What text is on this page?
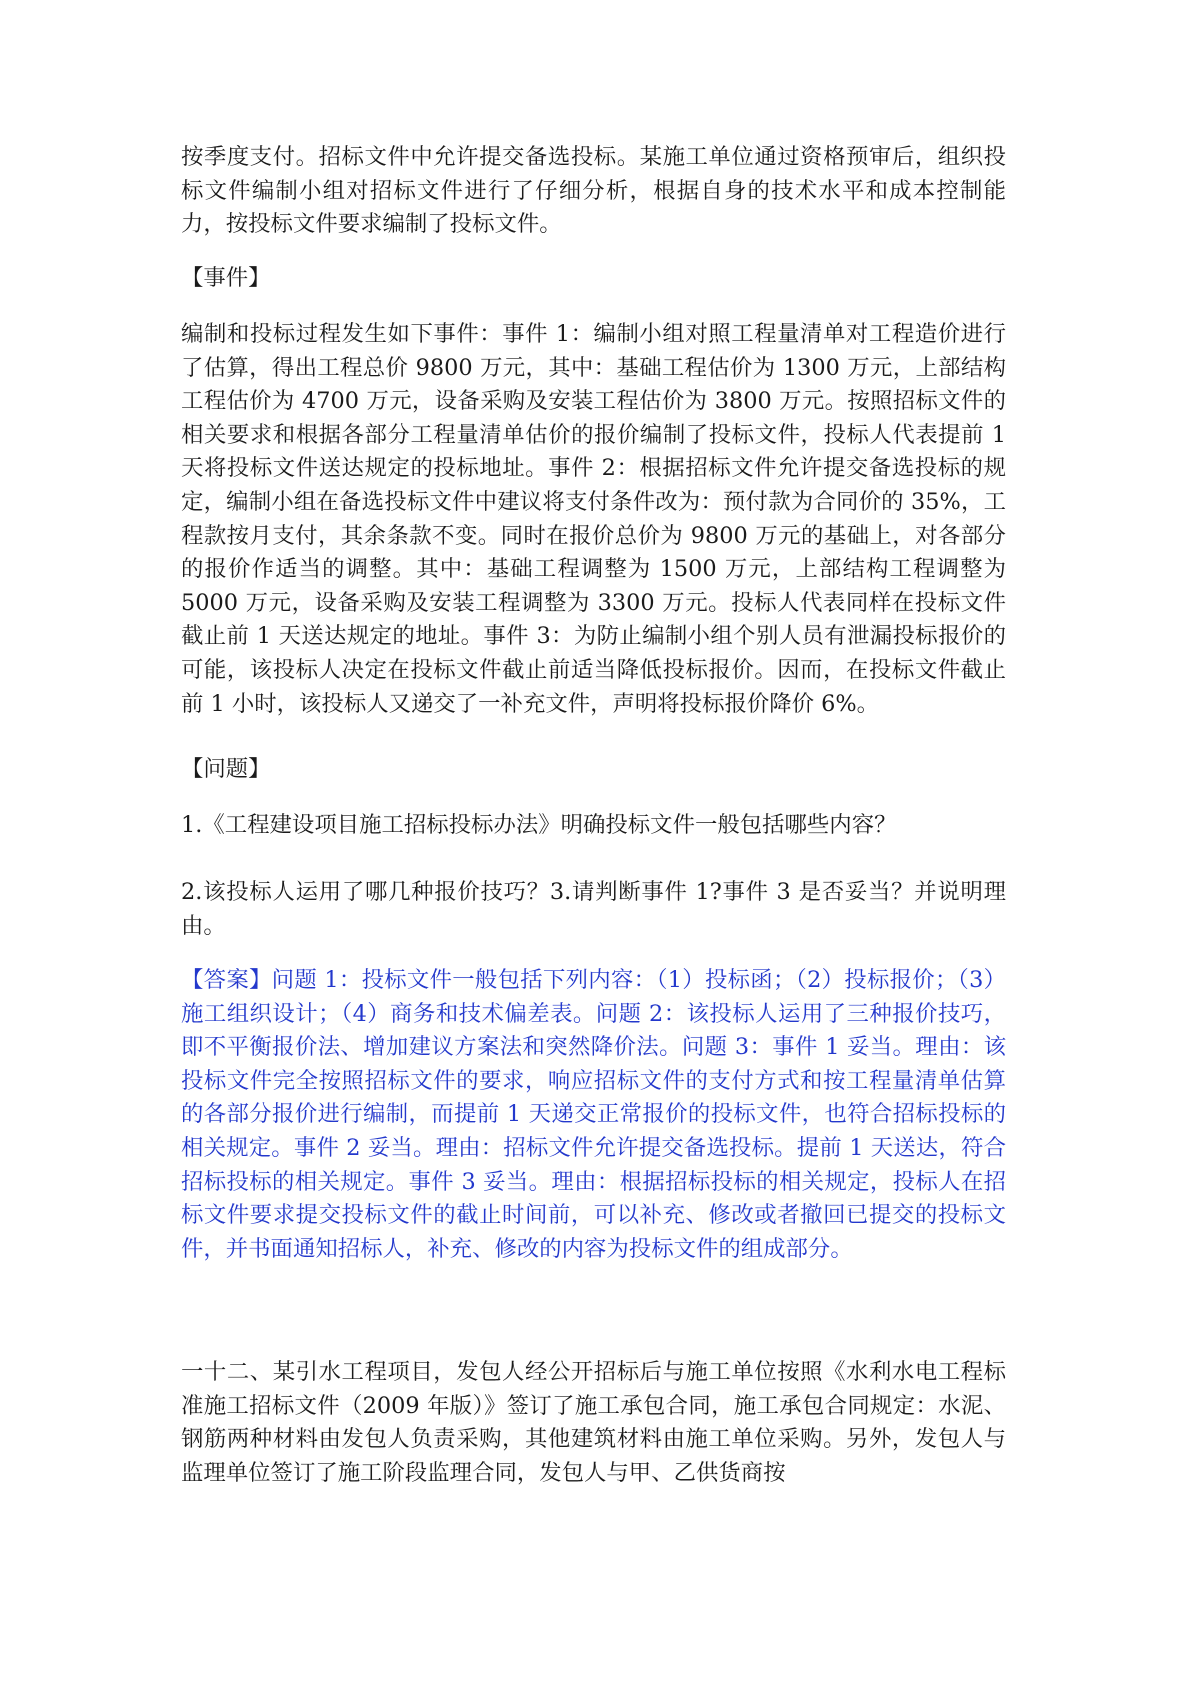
按季度支付。招标文件中允许提交备选投标。某施工单位通过资格预审后，组织投标文件编制小组对招标文件进行了仔细分析，根据自身的技术水平和成本控制能力，按投标文件要求编制了投标文件。

【事件】

编制和投标过程发生如下事件：事件 1：编制小组对照工程量清单对工程造价进行了估算，得出工程总价 9800 万元，其中：基础工程估价为 1300 万元，上部结构工程估价为 4700 万元，设备采购及安装工程估价为 3800 万元。按照招标文件的相关要求和根据各部分工程量清单估价的报价编制了投标文件，投标人代表提前 1 天将投标文件送达规定的投标地址。事件 2：根据招标文件允许提交备选投标的规定，编制小组在备选投标文件中建议将支付条件改为：预付款为合同价的 35%，工程款按月支付，其余条款不变。同时在报价总价为 9800 万元的基础上，对各部分的报价作适当的调整。其中：基础工程调整为 1500 万元，上部结构工程调整为 5000 万元，设备采购及安装工程调整为 3300 万元。投标人代表同样在投标文件截止前 1 天送达规定的地址。事件 3：为防止编制小组个别人员有泄漏投标报价的可能，该投标人决定在投标文件截止前适当降低投标报价。因而，在投标文件截止前 1 小时，该投标人又递交了一补充文件，声明将投标报价降价 6%。

【问题】

1.《工程建设项目施工招标投标办法》明确投标文件一般包括哪些内容？

2.该投标人运用了哪几种报价技巧？3.请判断事件 1?事件 3 是否妥当？并说明理由。

【答案】问题 1：投标文件一般包括下列内容：（1）投标函；（2）投标报价；（3）施工组织设计；（4）商务和技术偏差表。问题 2：该投标人运用了三种报价技巧，即不平衡报价法、增加建议方案法和突然降价法。问题 3：事件 1 妥当。理由：该投标文件完全按照招标文件的要求，响应招标文件的支付方式和按工程量清单估算的各部分报价进行编制，而提前 1 天递交正常报价的投标文件，也符合招标投标的相关规定。事件 2 妥当。理由：招标文件允许提交备选投标。提前 1 天送达，符合招标投标的相关规定。事件 3 妥当。理由：根据招标投标的相关规定，投标人在招标文件要求提交投标文件的截止时间前，可以补充、修改或者撤回已提交的投标文件，并书面通知招标人，补充、修改的内容为投标文件的组成部分。

一十二、某引水工程项目，发包人经公开招标后与施工单位按照《水利水电工程标准施工招标文件（2009 年版）》签订了施工承包合同，施工承包合同规定：水泥、钢筋两种材料由发包人负责采购，其他建筑材料由施工单位采购。另外，发包人与监理单位签订了施工阶段监理合同，发包人与甲、乙供货商按
